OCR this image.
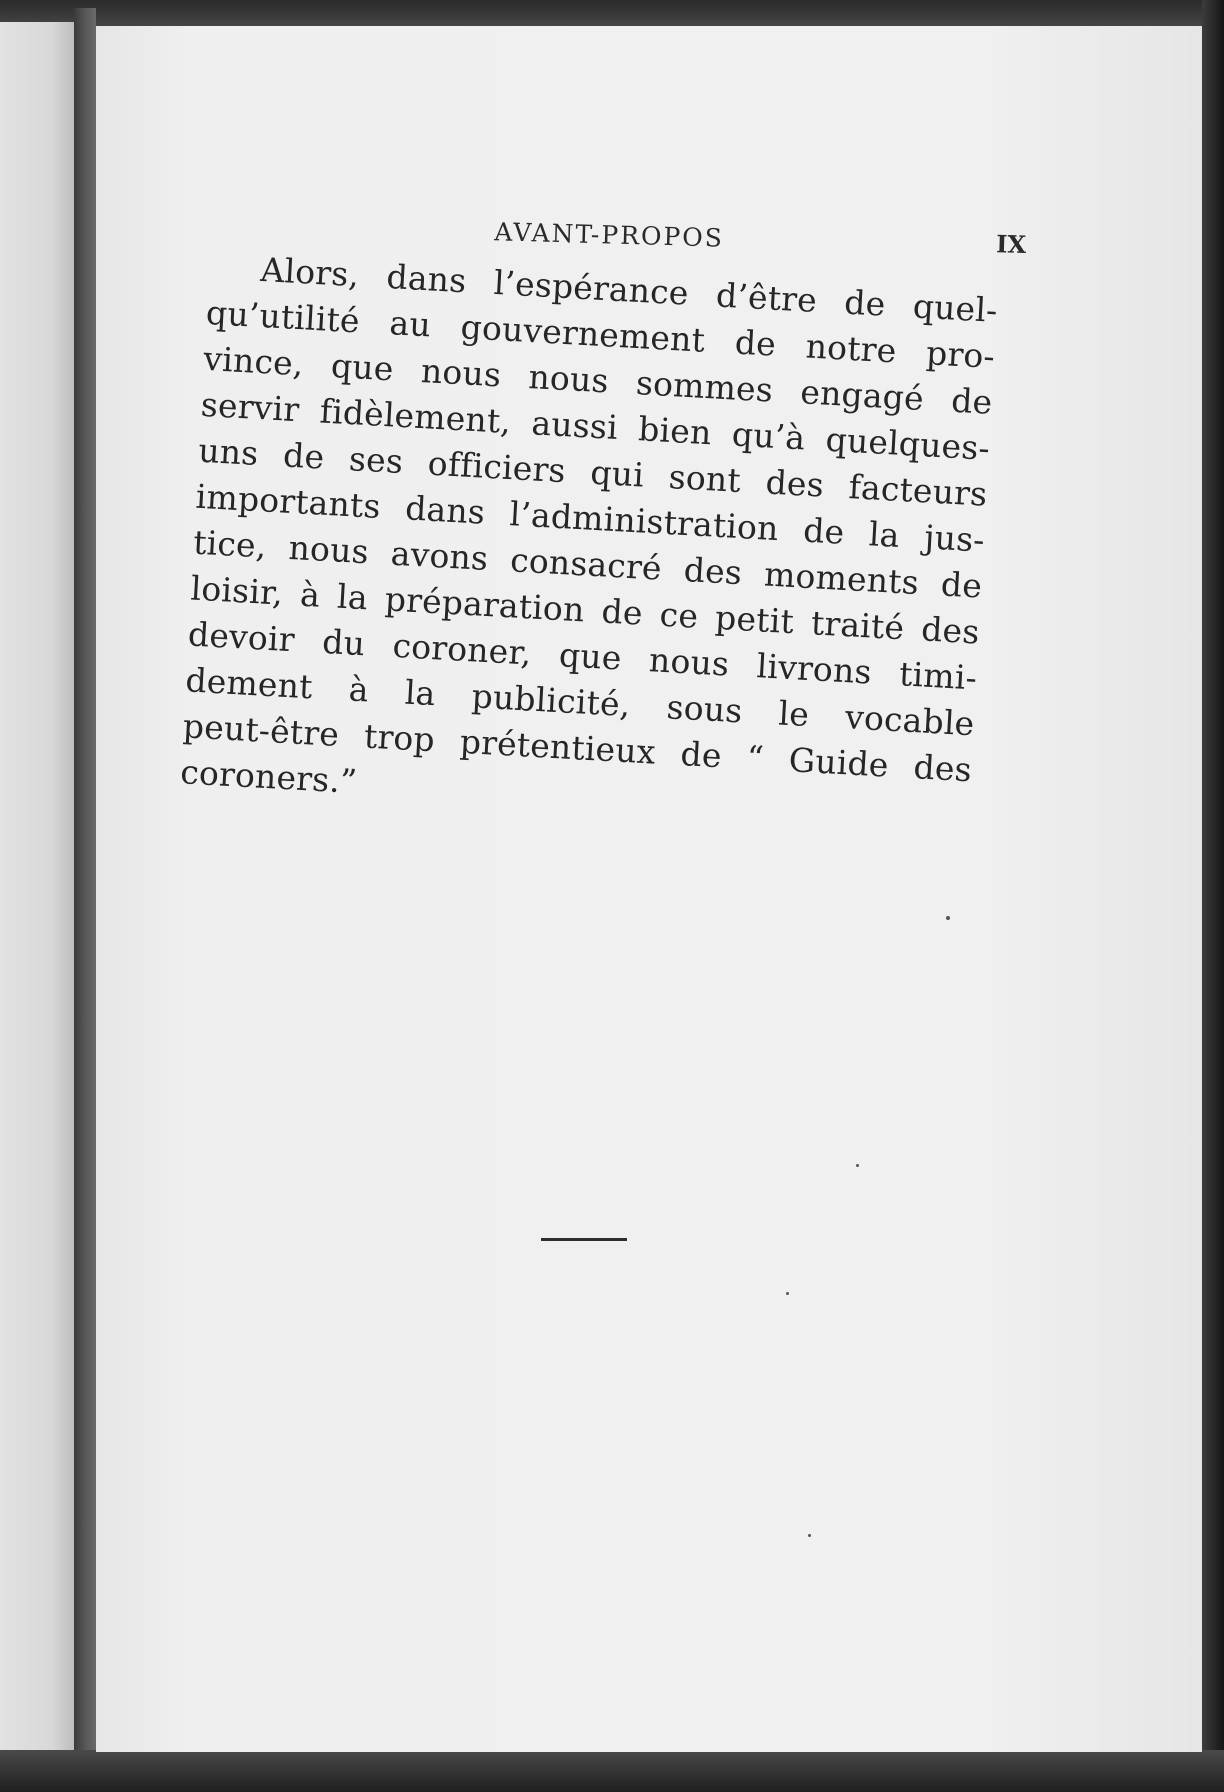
AVANT-PROPOS	IX
Alors, dans l’espérance d’être de quel-
qu’utilité au gouvernement de notre pro-
vince, que nous nous sommes engagé de
servir fidèlement, aussi bien qu’à quelques-
uns de ses officiers qui sont des facteurs
importants dans l’administration de la jus-
tice, nous avons consacré des moments de
loisir, à la préparation de ce petit traité des
devoir du coroner, que nous livrons timi-
dement à la publicité, sous le vocable
peut-être trop prétentieux de “ Guide des
coroners.”
